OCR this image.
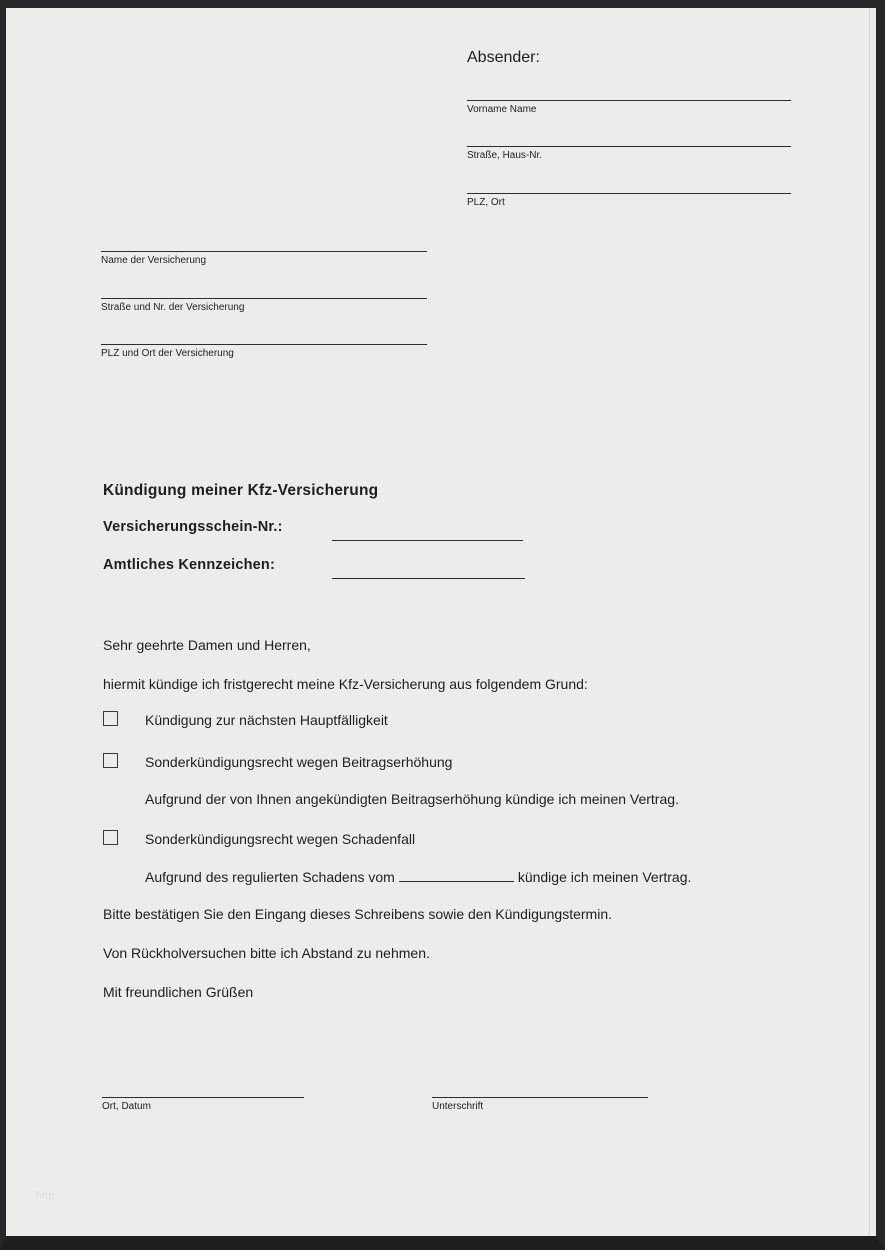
Absender:

Vorname Name
Straße, Haus-Nr.
PLZ, Ort
Name der Versicherung
Straße und Nr. der Versicherung
PLZ und Ort der Versicherung

Kündigung meiner Kfz-Versicherung

Versicherungsschein-Nr.:

Amtliches Kennzeichen:

Sehr geehrte Damen und Herren,

hiermit kündige ich fristgerecht meine Kfz-Versicherung aus folgendem Grund:

Kündigung zur nächsten Hauptfälligkeit

Sonderkündigungsrecht wegen Beitragserhöhung

Aufgrund der von Ihnen angekündigten Beitragserhöhung kündige ich meinen Vertrag.

Sonderkündigungsrecht wegen Schadenfall

Aufgrund des regulierten Schadens vom	kündige ich meinen Vertrag.

Bitte bestätigen Sie den Eingang dieses Schreibens sowie den Kündigungstermin.

Von Rückholversuchen bitte ich Abstand zu nehmen.

Mit freundlichen Grüßen

Ort, Datum	Unterschrift

http
